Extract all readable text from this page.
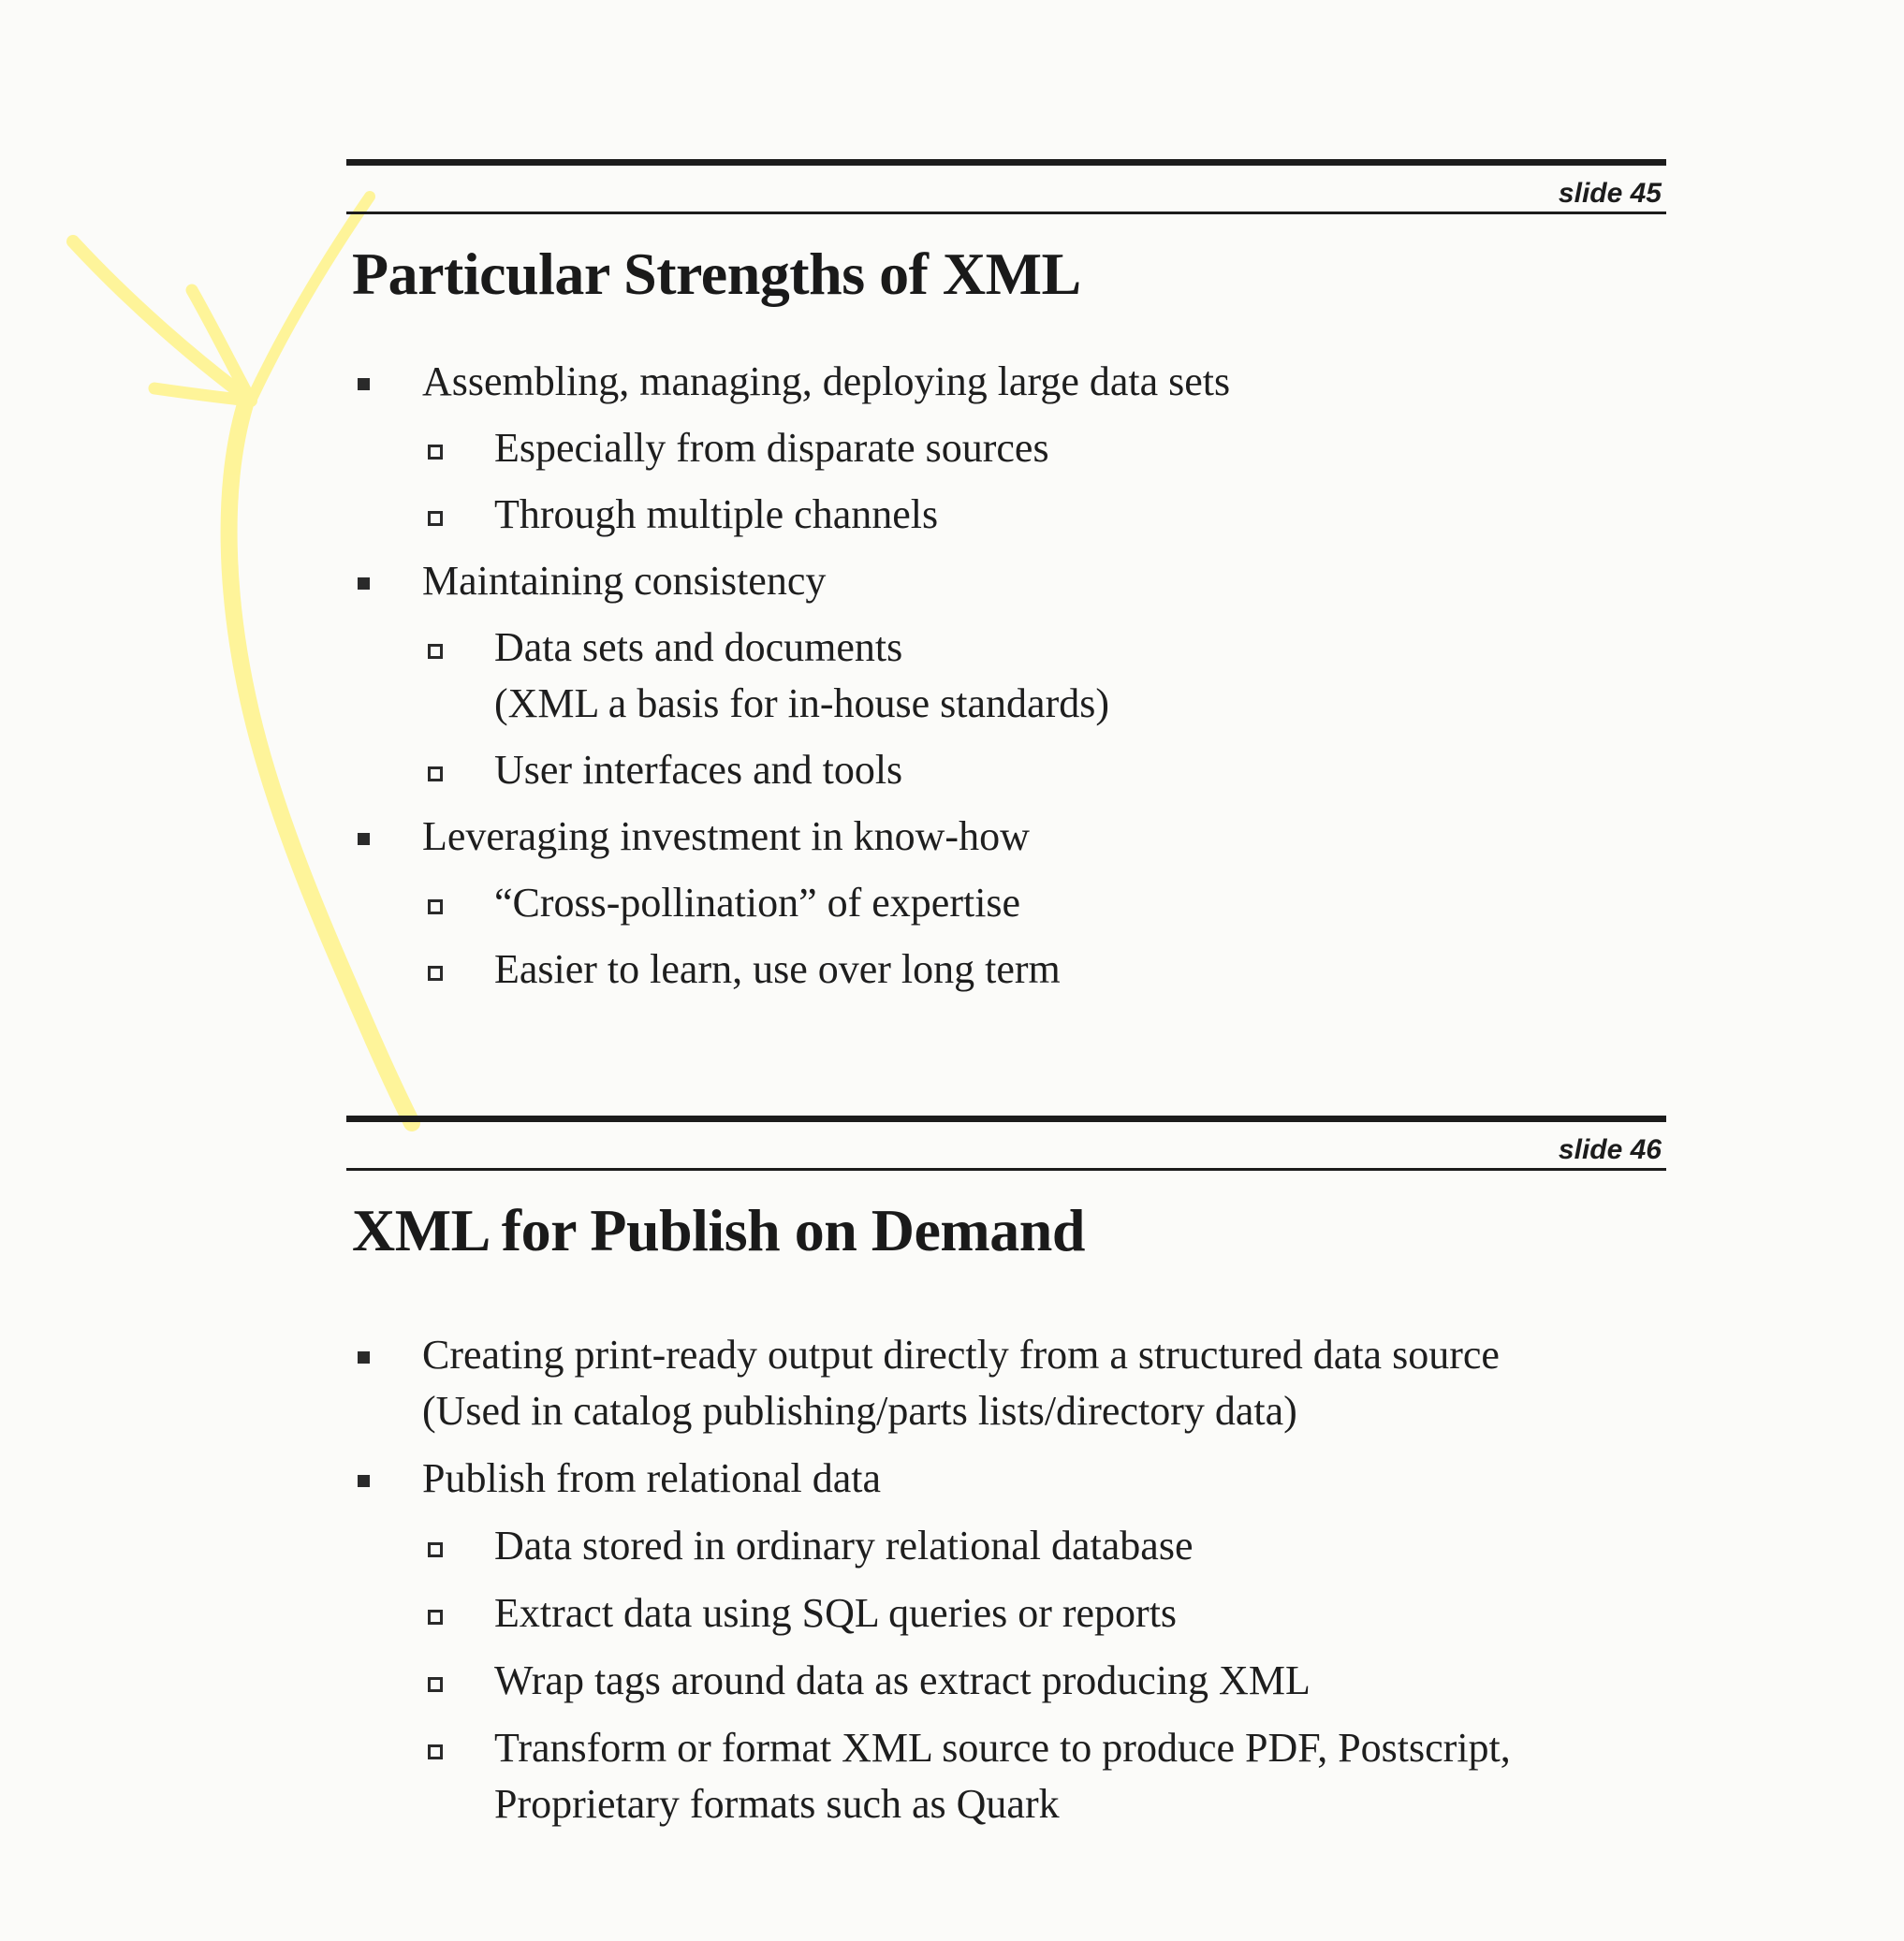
slide 45
Particular Strengths of XML
Assembling, managing, deploying large data sets
Especially from disparate sources
Through multiple channels
Maintaining consistency
Data sets and documents
(XML a basis for in-house standards)
User interfaces and tools
Leveraging investment in know-how
“Cross-pollination” of expertise
Easier to learn, use over long term
slide 46
XML for Publish on Demand
Creating print-ready output directly from a structured data source
(Used in catalog publishing/parts lists/directory data)
Publish from relational data
Data stored in ordinary relational database
Extract data using SQL queries or reports
Wrap tags around data as extract producing XML
Transform or format XML source to produce PDF, Postscript,
Proprietary formats such as Quark
